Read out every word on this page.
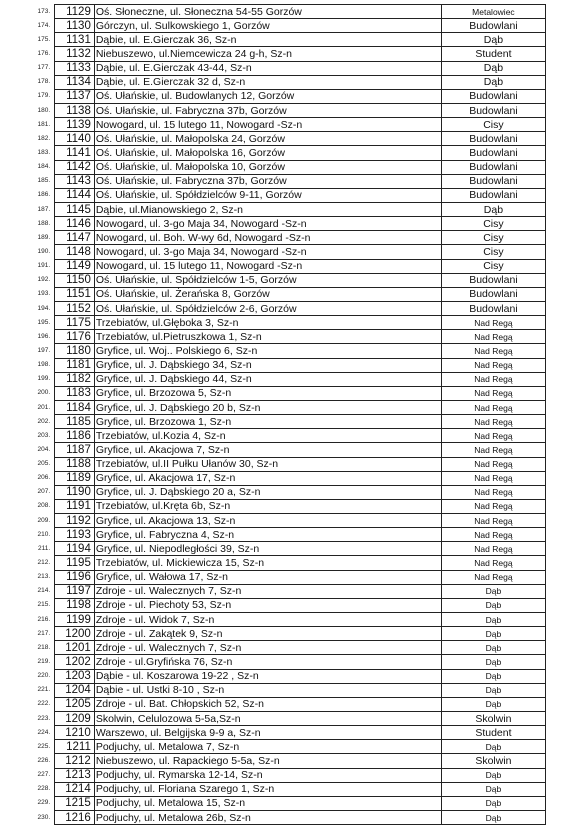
173.	1129	Oś. Słoneczne, ul. Słoneczna 54-55 Gorzów	Metalowiec
174.	1130	Górczyn, ul. Sulkowskiego 1, Gorzów	Budowlani
175.	1131	Dąbie, ul. E.Gierczak 36, Sz-n	Dąb
176.	1132	Niebuszewo, ul.Niemcewicza 24 g-h, Sz-n	Student
177.	1133	Dąbie, ul. E.Gierczak 43-44, Sz-n	Dąb
178.	1134	Dąbie, ul. E.Gierczak 32 d, Sz-n	Dąb
179.	1137	Oś. Ułańskie, ul. Budowlanych 12, Gorzów	Budowlani
180.	1138	Oś. Ułańskie, ul. Fabryczna 37b, Gorzów	Budowlani
181.	1139	Nowogard, ul. 15 lutego 11, Nowogard -Sz-n	Cisy
182.	1140	Oś. Ułańskie, ul. Małopolska 24, Gorzów	Budowlani
183.	1141	Oś. Ułańskie, ul. Małopolska 16, Gorzów	Budowlani
184.	1142	Oś. Ułańskie, ul. Małopolska 10, Gorzów	Budowlani
185.	1143	Oś. Ułańskie, ul. Fabryczna 37b, Gorzów	Budowlani
186.	1144	Oś. Ułańskie, ul. Spółdzielców 9-11, Gorzów	Budowlani
187.	1145	Dąbie, ul.Mianowskiego 2, Sz-n	Dąb
188.	1146	Nowogard, ul. 3-go Maja 34, Nowogard -Sz-n	Cisy
189.	1147	Nowogard, ul. Boh. W-wy 6d, Nowogard -Sz-n	Cisy
190.	1148	Nowogard, ul. 3-go Maja 34, Nowogard -Sz-n	Cisy
191.	1149	Nowogard, ul. 15 lutego 11, Nowogard -Sz-n	Cisy
192.	1150	Oś. Ułańskie, ul. Spółdzielców 1-5, Gorzów	Budowlani
193.	1151	Oś. Ułańskie, ul. Żerańska 8, Gorzów	Budowlani
194.	1152	Oś. Ułańskie, ul. Spółdzielców 2-6, Gorzów	Budowlani
195.	1175	Trzebiatów, ul.Głęboka 3, Sz-n	Nad Regą
196.	1176	Trzebiatów, ul.Pietruszkowa 1, Sz-n	Nad Regą
197.	1180	Gryfice, ul. Woj.. Polskiego 6, Sz-n	Nad Regą
198.	1181	Gryfice, ul. J. Dąbskiego 34, Sz-n	Nad Regą
199.	1182	Gryfice, ul. J. Dąbskiego 44, Sz-n	Nad Regą
200.	1183	Gryfice, ul. Brzozowa 5, Sz-n	Nad Regą
201.	1184	Gryfice, ul. J. Dąbskiego 20 b, Sz-n	Nad Regą
202.	1185	Gryfice, ul. Brzozowa 1, Sz-n	Nad Regą
203.	1186	Trzebiatów, ul.Kozia 4, Sz-n	Nad Regą
204.	1187	Gryfice, ul. Akacjowa 7, Sz-n	Nad Regą
205.	1188	Trzebiatów, ul.II Pułku Ułanów 30, Sz-n	Nad Regą
206.	1189	Gryfice, ul. Akacjowa 17, Sz-n	Nad Regą
207.	1190	Gryfice, ul. J. Dąbskiego 20 a, Sz-n	Nad Regą
208.	1191	Trzebiatów, ul.Kręta 6b, Sz-n	Nad Regą
209.	1192	Gryfice, ul. Akacjowa 13, Sz-n	Nad Regą
210.	1193	Gryfice, ul. Fabryczna 4, Sz-n	Nad Regą
211.	1194	Gryfice, ul. Niepodległości 39, Sz-n	Nad Regą
212.	1195	Trzebiatów, ul. Mickiewicza 15, Sz-n	Nad Regą
213.	1196	Gryfice, ul. Wałowa 17, Sz-n	Nad Regą
214.	1197	Zdroje - ul. Walecznych 7, Sz-n	Dąb
215.	1198	Zdroje - ul. Piechoty 53, Sz-n	Dąb
216.	1199	Zdroje - ul. Widok 7, Sz-n	Dąb
217.	1200	Zdroje - ul. Zakątek 9, Sz-n	Dąb
218.	1201	Zdroje - ul. Walecznych 7, Sz-n	Dąb
219.	1202	Zdroje - ul.Gryfińska 76, Sz-n	Dąb
220.	1203	Dąbie - ul. Koszarowa 19-22 , Sz-n	Dąb
221.	1204	Dąbie - ul. Ustki 8-10 , Sz-n	Dąb
222.	1205	Zdroje - ul. Bat. Chłopskich 52, Sz-n	Dąb
223.	1209	Skolwin, Celulozowa 5-5a,Sz-n	Skolwin
224.	1210	Warszewo, ul. Belgijska 9-9 a, Sz-n	Student
225.	1211	Podjuchy, ul. Metalowa 7, Sz-n	Dąb
226.	1212	Niebuszewo, ul. Rapackiego 5-5a, Sz-n	Skolwin
227.	1213	Podjuchy, ul. Rymarska 12-14, Sz-n	Dąb
228.	1214	Podjuchy, ul. Floriana Szarego 1, Sz-n	Dąb
229.	1215	Podjuchy, ul. Metalowa 15, Sz-n	Dąb
230.	1216	Podjuchy, ul. Metalowa 26b, Sz-n	Dąb
